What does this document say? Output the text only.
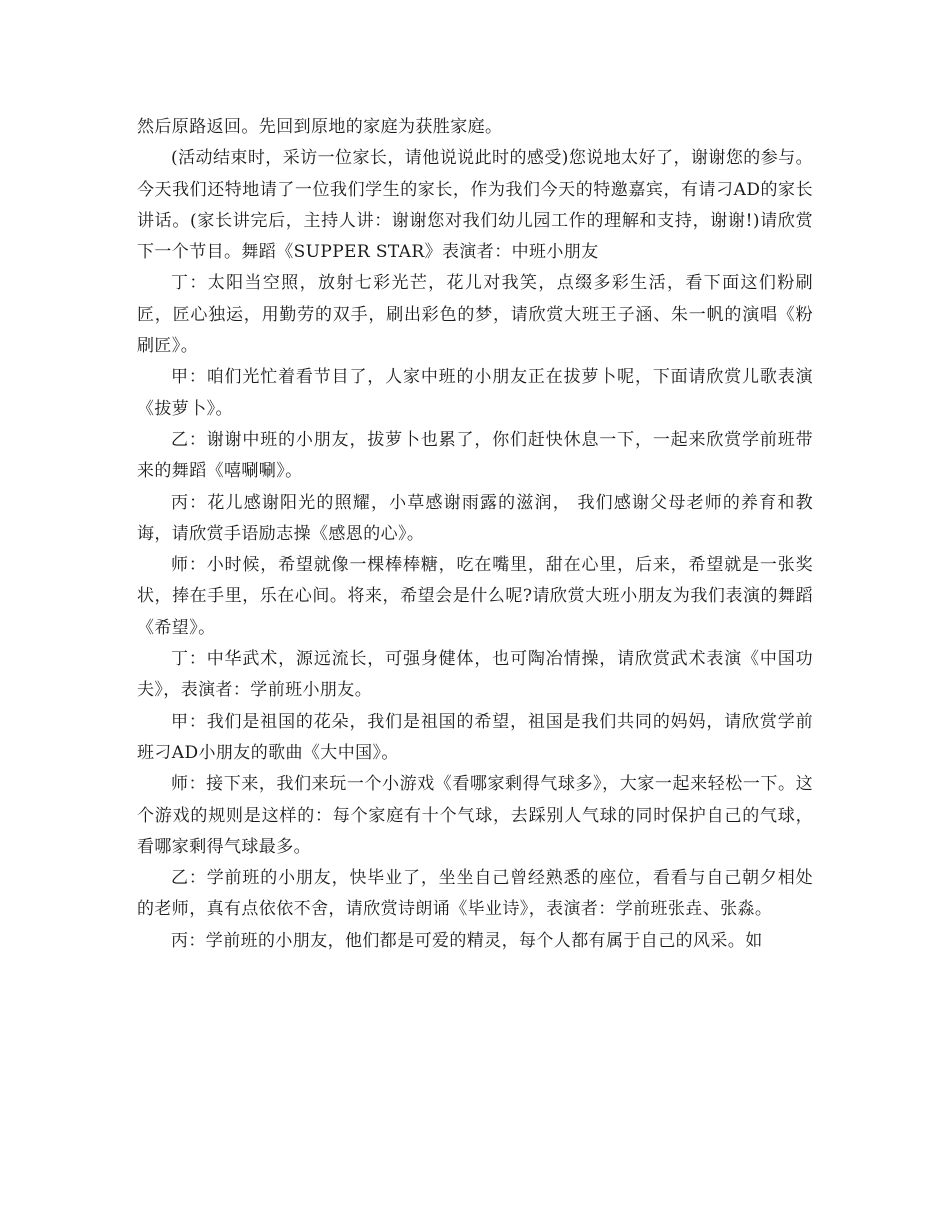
然后原路返回。先回到原地的家庭为获胜家庭。

(活动结束时，采访一位家长，请他说说此时的感受)您说地太好了，谢谢您的参与。今天我们还特地请了一位我们学生的家长，作为我们今天的特邀嘉宾，有请刁AD的家长讲话。(家长讲完后，主持人讲：谢谢您对我们幼儿园工作的理解和支持，谢谢!)请欣赏下一个节目。舞蹈《SUPPER STAR》表演者：中班小朋友

丁：太阳当空照，放射七彩光芒，花儿对我笑，点缀多彩生活，看下面这们粉刷匠，匠心独运，用勤劳的双手，刷出彩色的梦，请欣赏大班王子涵、朱一帆的演唱《粉刷匠》。

甲：咱们光忙着看节目了，人家中班的小朋友正在拔萝卜呢，下面请欣赏儿歌表演《拔萝卜》。

乙：谢谢中班的小朋友，拔萝卜也累了，你们赶快休息一下，一起来欣赏学前班带来的舞蹈《嘻唰唰》。

丙：花儿感谢阳光的照耀，小草感谢雨露的滋润， 我们感谢父母老师的养育和教诲，请欣赏手语励志操《感恩的心》。

师：小时候，希望就像一棵棒棒糖，吃在嘴里，甜在心里，后来，希望就是一张奖状，捧在手里，乐在心间。将来，希望会是什么呢?请欣赏大班小朋友为我们表演的舞蹈《希望》。

丁：中华武术，源远流长，可强身健体，也可陶冶情操，请欣赏武术表演《中国功夫》，表演者：学前班小朋友。

甲：我们是祖国的花朵，我们是祖国的希望，祖国是我们共同的妈妈，请欣赏学前班刁AD小朋友的歌曲《大中国》。

师：接下来，我们来玩一个小游戏《看哪家剩得气球多》，大家一起来轻松一下。这个游戏的规则是这样的：每个家庭有十个气球，去踩别人气球的同时保护自己的气球，看哪家剩得气球最多。

乙：学前班的小朋友，快毕业了，坐坐自己曾经熟悉的座位，看看与自己朝夕相处的老师，真有点依依不舍，请欣赏诗朗诵《毕业诗》，表演者：学前班张垚、张淼。

丙：学前班的小朋友，他们都是可爱的精灵，每个人都有属于自己的风采。如
